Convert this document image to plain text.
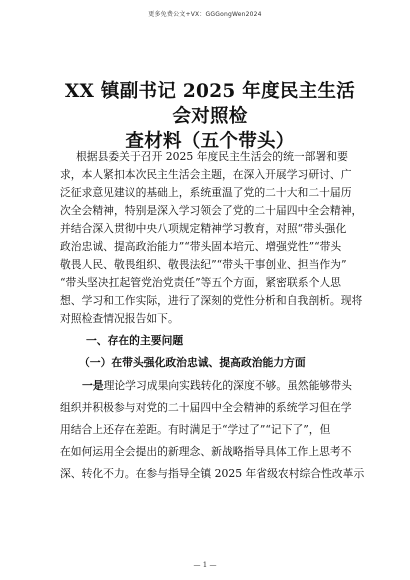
更多免费公文+VX：GGGongWen2024
XX 镇副书记 2025 年度民主生活会对照检
查材料（五个带头）
根据县委关于召开 2025 年度民主生活会的统一部署和要
求，本人紧扣本次民主生活会主题，在深入开展学习研讨、广
泛征求意见建议的基础上，系统重温了党的二十大和二十届历
次全会精神，特别是深入学习领会了党的二十届四中全会精神，
并结合深入贯彻中央八项规定精神学习教育，对照“带头强化
政治忠诚、提高政治能力”“带头固本培元、增强党性”“带头
敬畏人民、敬畏组织、敬畏法纪”“带头干事创业、担当作为”
“带头坚决扛起管党治党责任”等五个方面，紧密联系个人思
想、学习和工作实际，进行了深刻的党性分析和自我剖析。现将
对照检查情况报告如下。
一、存在的主要问题
（一）在带头强化政治忠诚、提高政治能力方面
一是理论学习成果向实践转化的深度不够。虽然能够带头
组织并积极参与对党的二十届四中全会精神的系统学习但在学
用结合上还存在差距。有时满足于“学过了”“记下了”，但
在如何运用全会提出的新理念、新战略指导具体工作上思考不
深、转化不力。在参与指导全镇 2025 年省级农村综合性改革示
— 1 —
